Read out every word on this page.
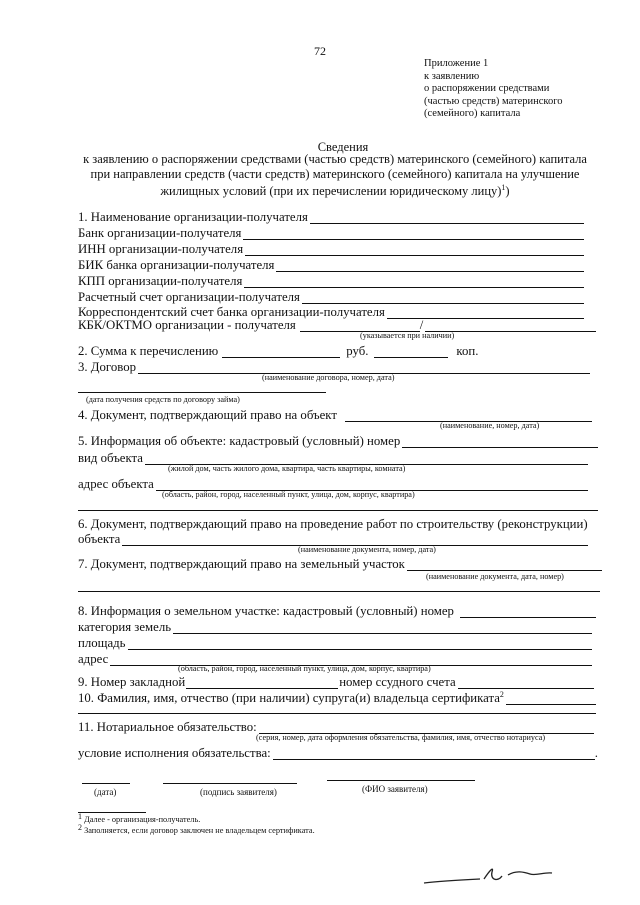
72
Приложение 1
к заявлению
о распоряжении средствами
(частью средств) материнского
(семейного) капитала
Сведения
к заявлению о распоряжении средствами (частью средств) материнского (семейного) капитала
при направлении средств (части средств) материнского (семейного) капитала на улучшение
жилищных условий (при их перечислении юридическому лицу)$^1$)
1. Наименование организации-получателя
Банк организации-получателя
ИНН организации-получателя
БИК банка организации-получателя
КПП организации-получателя
Расчетный счет организации-получателя
Корреспондентский счет банка организации-получателя
КБК/ОКТМО организации - получателя	/
(указывается при наличии)
2. Сумма к перечислению	руб.	коп.
3. Договор
(наименование договора, номер, дата)
(дата получения средств по договору займа)
4. Документ, подтверждающий право на объект
(наименование, номер, дата)
5. Информация об объекте: кадастровый (условный) номер
вид объекта
(жилой дом, часть жилого дома, квартира, часть квартиры, комната)
адрес объекта
(область, район, город, населенный пункт, улица, дом, корпус, квартира)
6. Документ, подтверждающий право на проведение работ по строительству (реконструкции)
объекта
(наименование документа, номер, дата)
7. Документ, подтверждающий право на земельный участок
(наименование документа, дата, номер)
8. Информация о земельном участке: кадастровый (условный) номер
категория земель
площадь
адрес
(область, район, город, населенный пункт, улица, дом, корпус, квартира)
9. Номер закладной	номер ссудного счета
10. Фамилия, имя, отчество (при наличии) супруга(и) владельца сертификата 2
11. Нотариальное обязательство:
(серия, номер, дата оформления обязательства, фамилия, имя, отчество нотариуса)
условие исполнения обязательства:	.
(дата)	(подпись заявителя)	(ФИО заявителя)
1 Далее - организация-получатель.
2 Заполняется, если договор заключен не владельцем сертификата.
